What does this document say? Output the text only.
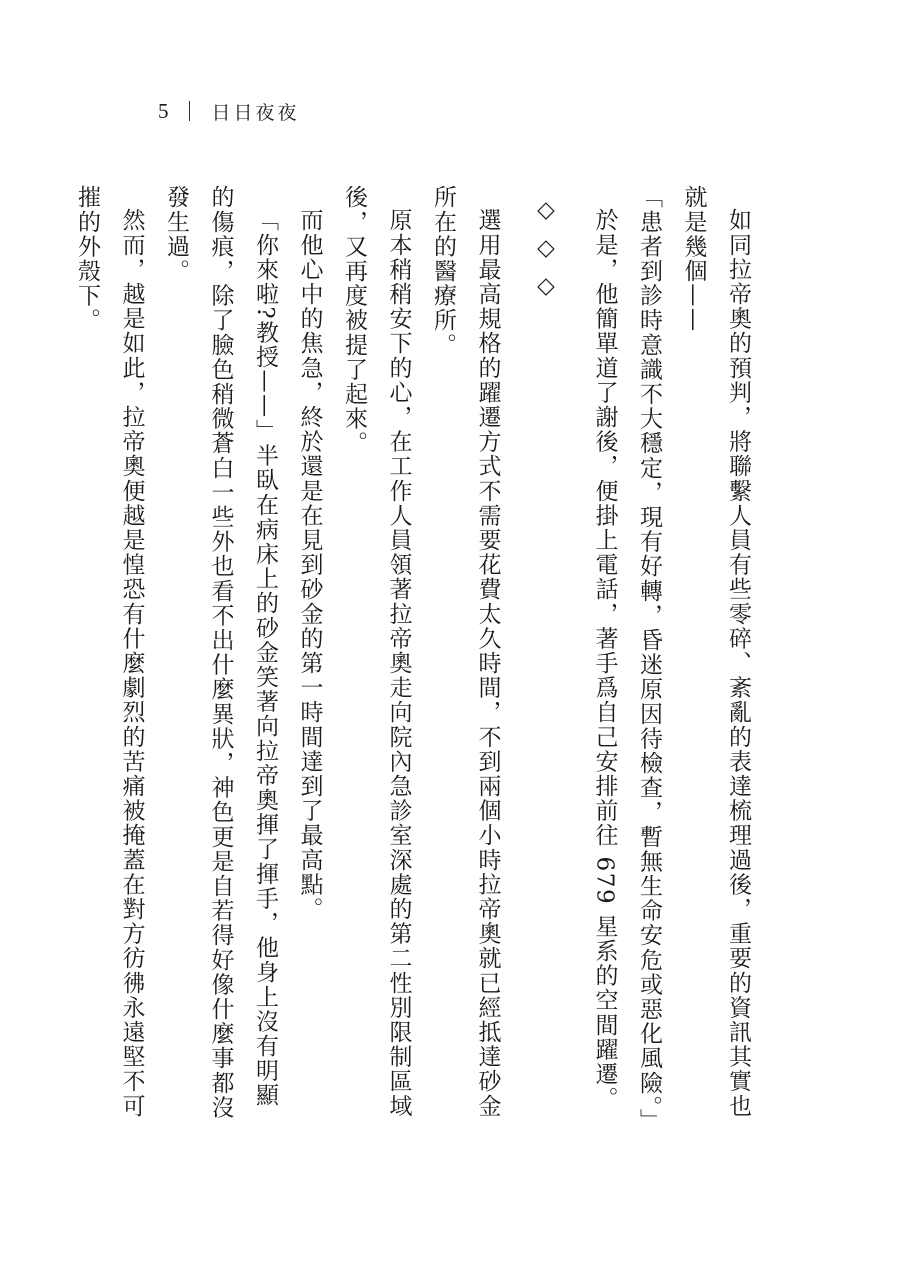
5 日日夜夜

如同拉帝奧的預判，將聯繫人員有些零碎、紊亂的表達梳理過後，重要的資訊其實也就是幾個——

「患者到診時意識不大穩定，現有好轉，昏迷原因待檢查，暫無生命安危或惡化風險。」

於是，他簡單道了謝後，便掛上電話，著手爲自己安排前往 679 星系的空間躍遷。

◇◇◇

選用最高規格的躍遷方式不需要花費太久時間，不到兩個小時拉帝奧就已經抵達砂金所在的醫療所。

原本稍稍安下的心，在工作人員領著拉帝奧走向院內急診室深處的第二性別限制區域後，又再度被提了起來。

而他心中的焦急，終於還是在見到砂金的第一時間達到了最高點。

「你來啦?教授——」半臥在病床上的砂金笑著向拉帝奧揮了揮手，他身上沒有明顯的傷痕，除了臉色稍微蒼白一些外也看不出什麼異狀，神色更是自若得好像什麼事都沒發生過。

然而，越是如此，拉帝奧便越是惶恐有什麼劇烈的苦痛被掩蓋在對方彷彿永遠堅不可摧的外殼下。
